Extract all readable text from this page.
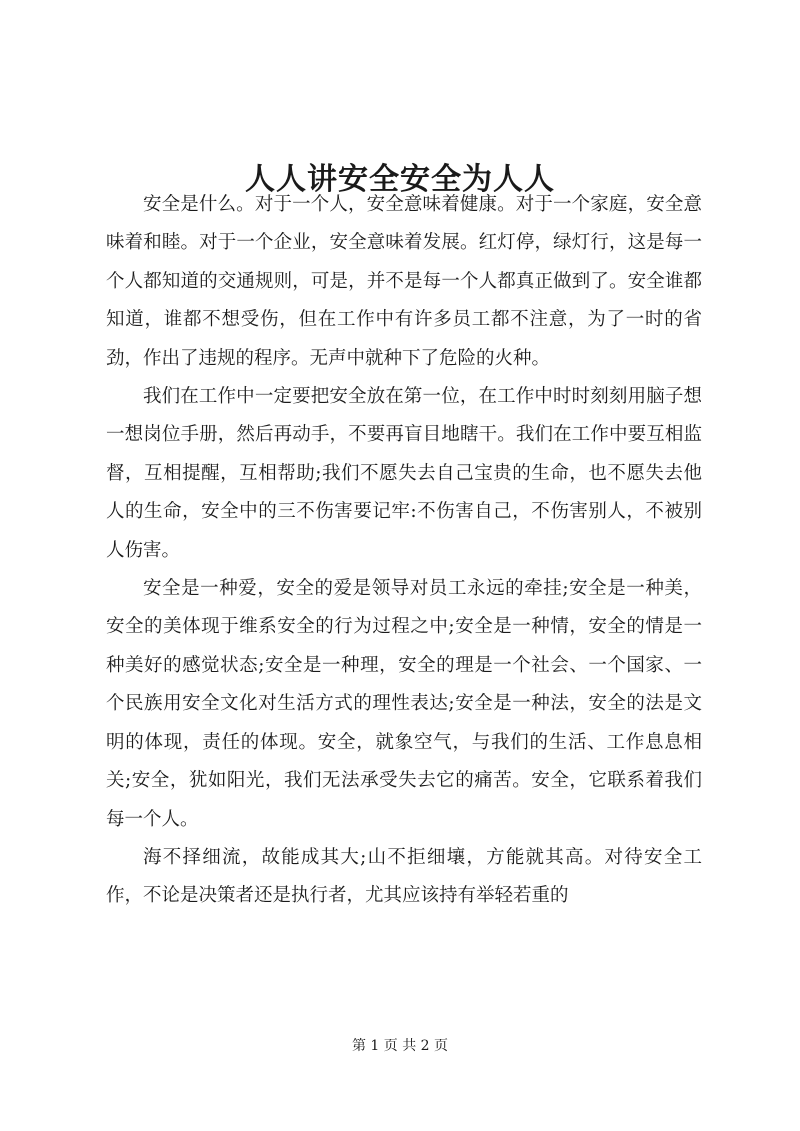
人人讲安全安全为人人

安全是什么。对于一个人，安全意味着健康。对于一个家庭，安全意味着和睦。对于一个企业，安全意味着发展。红灯停，绿灯行，这是每一个人都知道的交通规则，可是，并不是每一个人都真正做到了。安全谁都知道，谁都不想受伤，但在工作中有许多员工都不注意，为了一时的省劲，作出了违规的程序。无声中就种下了危险的火种。

我们在工作中一定要把安全放在第一位，在工作中时时刻刻用脑子想一想岗位手册，然后再动手，不要再盲目地瞎干。我们在工作中要互相监督，互相提醒，互相帮助;我们不愿失去自己宝贵的生命，也不愿失去他人的生命，安全中的三不伤害要记牢:不伤害自己，不伤害别人，不被别人伤害。

安全是一种爱，安全的爱是领导对员工永远的牵挂;安全是一种美，安全的美体现于维系安全的行为过程之中;安全是一种情，安全的情是一种美好的感觉状态;安全是一种理，安全的理是一个社会、一个国家、一个民族用安全文化对生活方式的理性表达;安全是一种法，安全的法是文明的体现，责任的体现。安全，就象空气，与我们的生活、工作息息相关;安全，犹如阳光，我们无法承受失去它的痛苦。安全，它联系着我们每一个人。

海不择细流，故能成其大;山不拒细壤，方能就其高。对待安全工作，不论是决策者还是执行者，尤其应该持有举轻若重的

第 1 页 共 2 页
